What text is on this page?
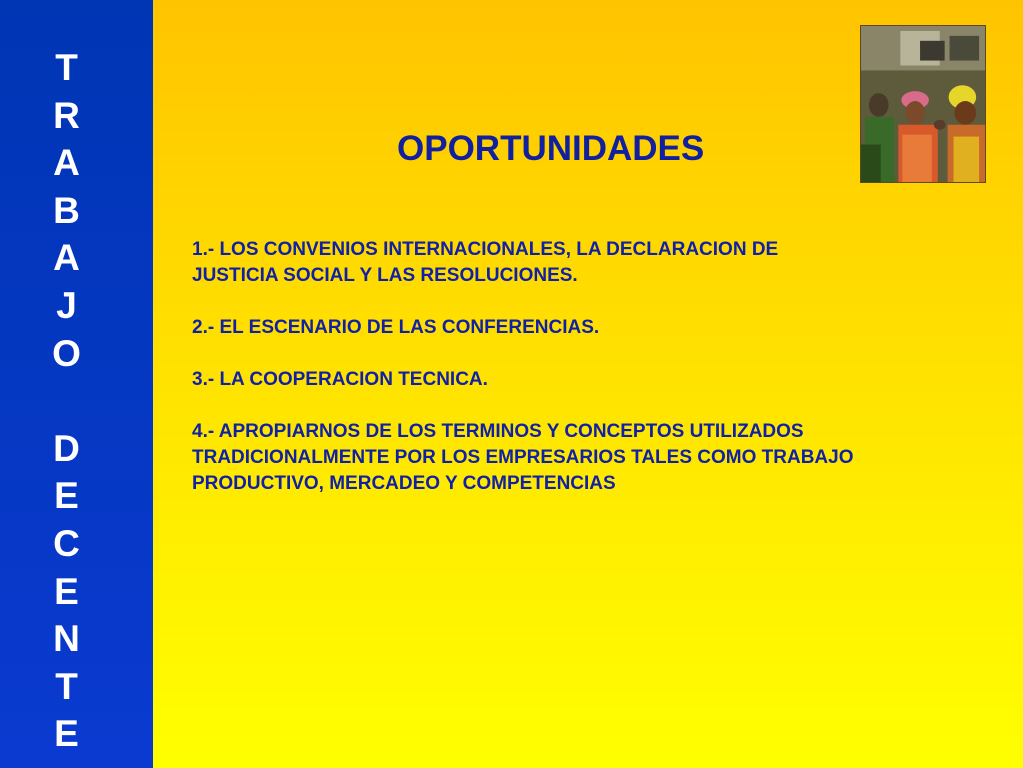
T
R
A
B
A
J
O
D
E
C
E
N
T
E
OPORTUNIDADES
1.- LOS CONVENIOS INTERNACIONALES, LA DECLARACION DE
JUSTICIA SOCIAL Y LAS RESOLUCIONES.
2.- EL ESCENARIO DE LAS CONFERENCIAS.
3.- LA COOPERACION TECNICA.
4.- APROPIARNOS DE LOS TERMINOS Y CONCEPTOS UTILIZADOS
TRADICIONALMENTE POR LOS EMPRESARIOS TALES COMO TRABAJO
PRODUCTIVO, MERCADEO Y COMPETENCIAS
